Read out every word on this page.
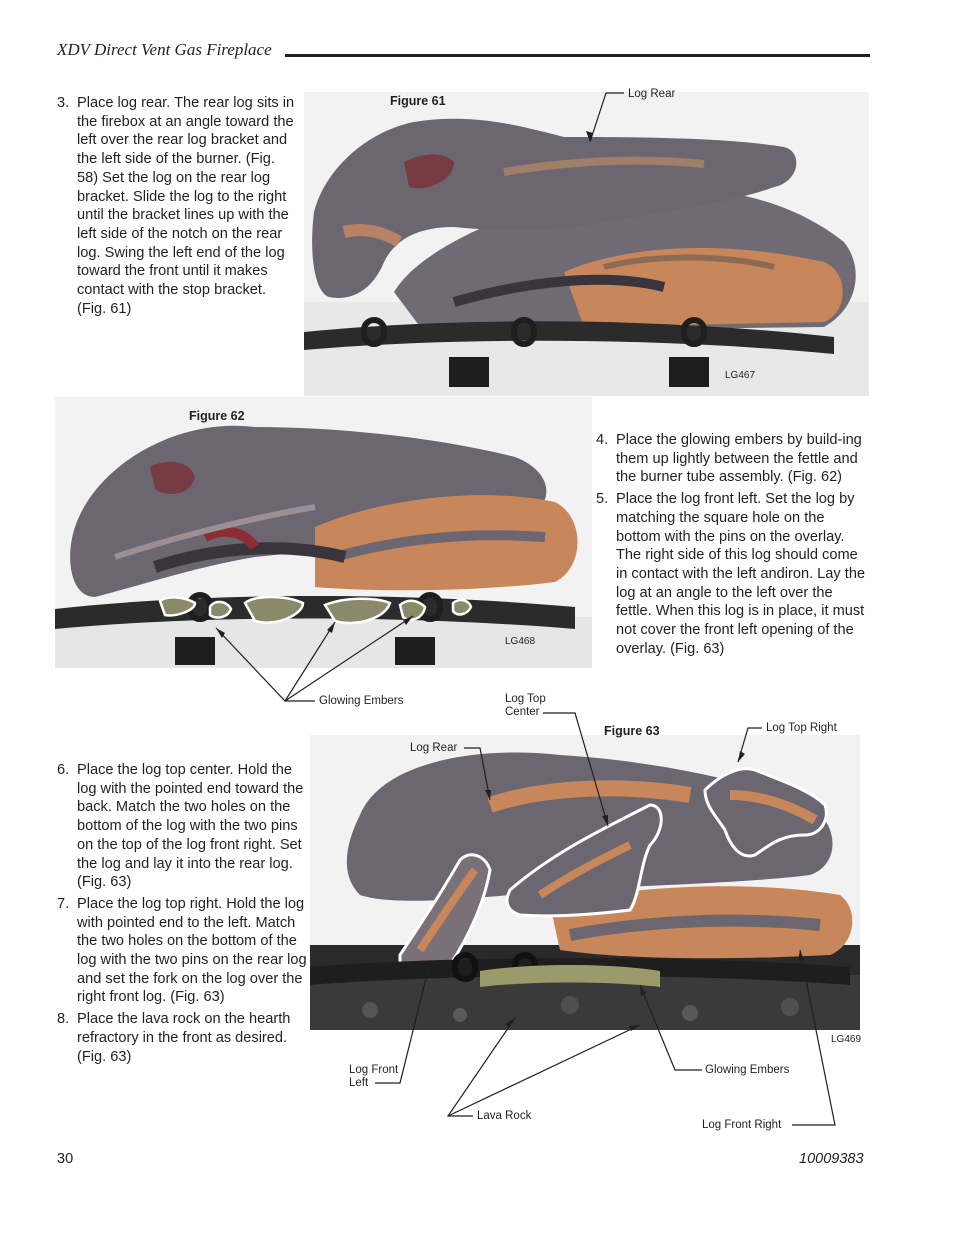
XDV Direct Vent Gas Fireplace
3. Place log rear. The rear log sits in the firebox at an angle toward the left over the rear log bracket and the left side of the burner. (Fig. 58) Set the log on the rear log bracket. Slide the log to the right until the bracket lines up with the left side of the notch on the rear log. Swing the left end of the log toward the front until it makes contact with the stop bracket. (Fig. 61)
Figure 61	Log Rear
LG467
Figure 62
LG468
Glowing Embers
4. Place the glowing embers by build-ing them up lightly between the fettle and the burner tube assembly. (Fig. 62)
5. Place the log front left. Set the log by matching the square hole on the bottom with the pins on the overlay. The right side of this log should come in contact with the left andiron. Lay the log at an angle to the left over the fettle. When this log is in place, it must not cover the front left opening of the overlay. (Fig. 63)
6. Place the log top center. Hold the log with the pointed end toward the back. Match the two holes on the bottom of the log with the two pins on the top of the log front right. Set the log and lay it into the rear log. (Fig. 63)
7. Place the log top right. Hold the log with pointed end to the left. Match the two holes on the bottom of the log with the two pins on the rear log and set the fork on the log over the right front log. (Fig. 63)
8. Place the lava rock on the hearth refractory in the front as desired. (Fig. 63)
Log Top
Center
Figure 63	Log Top Right
Log Rear
LG469
Log Front
Left
Glowing Embers
Lava Rock
Log Front Right
30	10009383
